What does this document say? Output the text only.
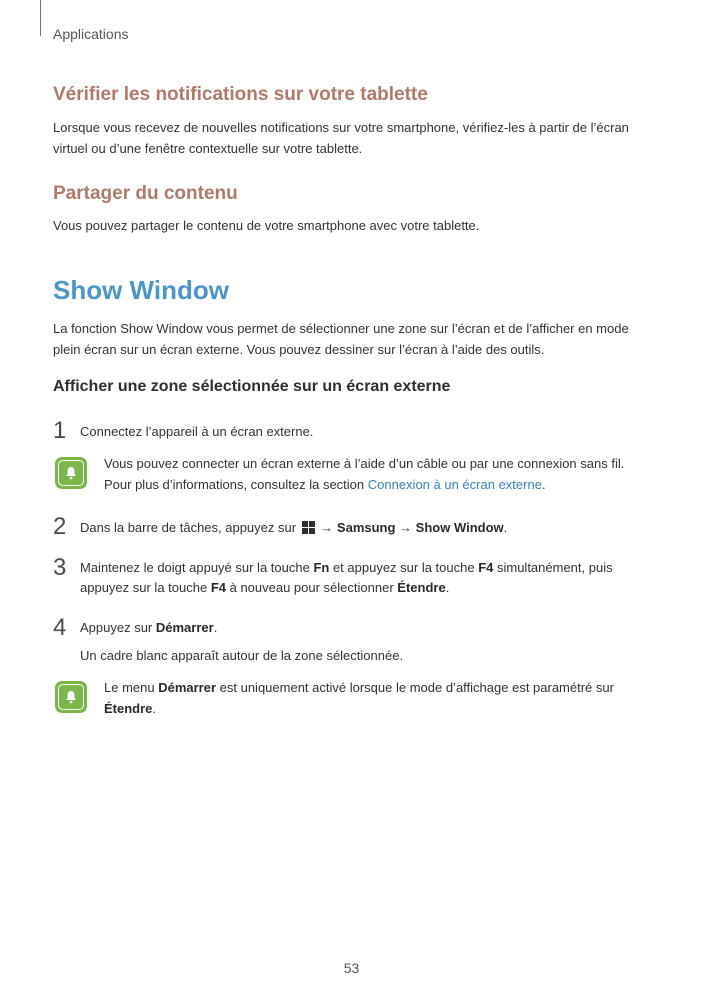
Applications
Vérifier les notifications sur votre tablette

Lorsque vous recevez de nouvelles notifications sur votre smartphone, vérifiez-les à partir de l’écran virtuel ou d’une fenêtre contextuelle sur votre tablette.

Partager du contenu

Vous pouvez partager le contenu de votre smartphone avec votre tablette.

Show Window

La fonction Show Window vous permet de sélectionner une zone sur l’écran et de l’afficher en mode plein écran sur un écran externe. Vous pouvez dessiner sur l’écran à l’aide des outils.

Afficher une zone sélectionnée sur un écran externe
1 Connectez l’appareil à un écran externe.

Vous pouvez connecter un écran externe à l’aide d’un câble ou par une connexion sans fil. Pour plus d’informations, consultez la section Connexion à un écran externe.

2 Dans la barre de tâches, appuyez sur  → Samsung → Show Window.

3 Maintenez le doigt appuyé sur la touche Fn et appuyez sur la touche F4 simultanément, puis appuyez sur la touche F4 à nouveau pour sélectionner Étendre.

4 Appuyez sur Démarrer.

Un cadre blanc apparaît autour de la zone sélectionnée.

Le menu Démarrer est uniquement activé lorsque le mode d’affichage est paramétré sur Étendre.

53
